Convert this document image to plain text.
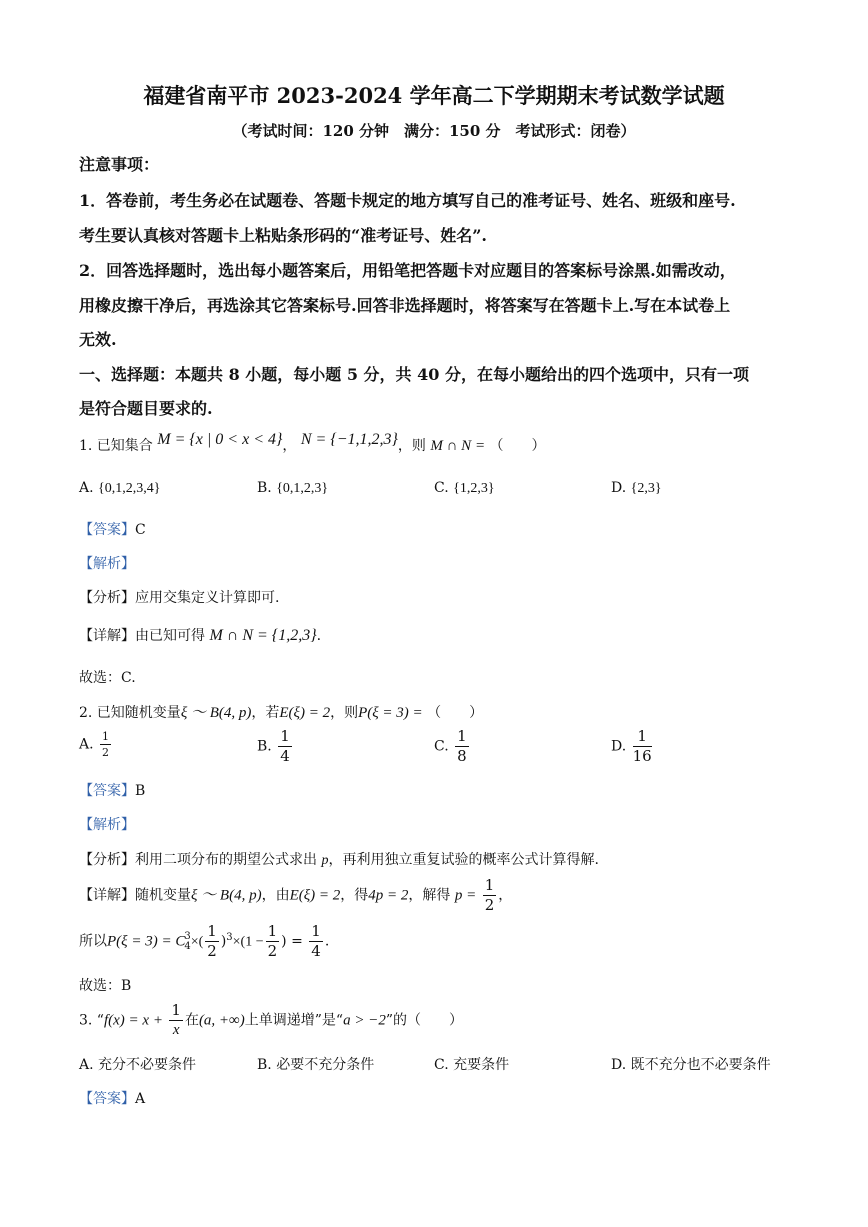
福建省南平市 2023-2024 学年高二下学期期末考试数学试题
（考试时间：120 分钟　满分：150 分　考试形式：闭卷）
注意事项：
1．答卷前，考生务必在试题卷、答题卡规定的地方填写自己的准考证号、姓名、班级和座号.
考生要认真核对答题卡上粘贴条形码的“准考证号、姓名”.
2．回答选择题时，选出每小题答案后，用铅笔把答题卡对应题目的答案标号涂黑.如需改动，
用橡皮擦干净后，再选涂其它答案标号.回答非选择题时，将答案写在答题卡上.写在本试卷上
无效.
一、选择题：本题共 8 小题，每小题 5 分，共 40 分，在每小题给出的四个选项中，只有一项
是符合题目要求的.
1. 已知集合 M = {x | 0 < x < 4}， N = {−1,1,2,3}，则 M ∩ N = （　　）
A. {0,1,2,3,4}	B. {0,1,2,3}	C. {1,2,3}	D. {2,3}
【答案】C
【解析】
【分析】应用交集定义计算即可.
【详解】由已知可得 M ∩ N = {1,2,3}.
故选：C.
2. 已知随机变量ξ ～ B(4, p)，若E(ξ) = 2，则P(ξ = 3) = （　　）
A. $\frac{1}{2}$	B. $\frac{1}{4}$	C. $\frac{1}{8}$	D. $\frac{1}{16}$
【答案】B
【解析】
【分析】利用二项分布的期望公式求出 p，再利用独立重复试验的概率公式计算得解.
【详解】随机变量ξ ～ B(4, p)，由E(ξ) = 2，得4p = 2，解得 $p = \frac{1}{2}$ ，
所以P(ξ = 3) = C 3
4 ×( $\frac{1}{2} )^3\times(1 - \frac{1}{2}$ ) = $\frac{1}{4}$ .
故选：B
3. “$f(x) = x + \frac{1}{x}$ 在(a, +∞)上单调递增”是“a > −2”的（　　）
A. 充分不必要条件	B. 必要不充分条件	C. 充要条件	D. 既不充分也不必要条件
【答案】A
